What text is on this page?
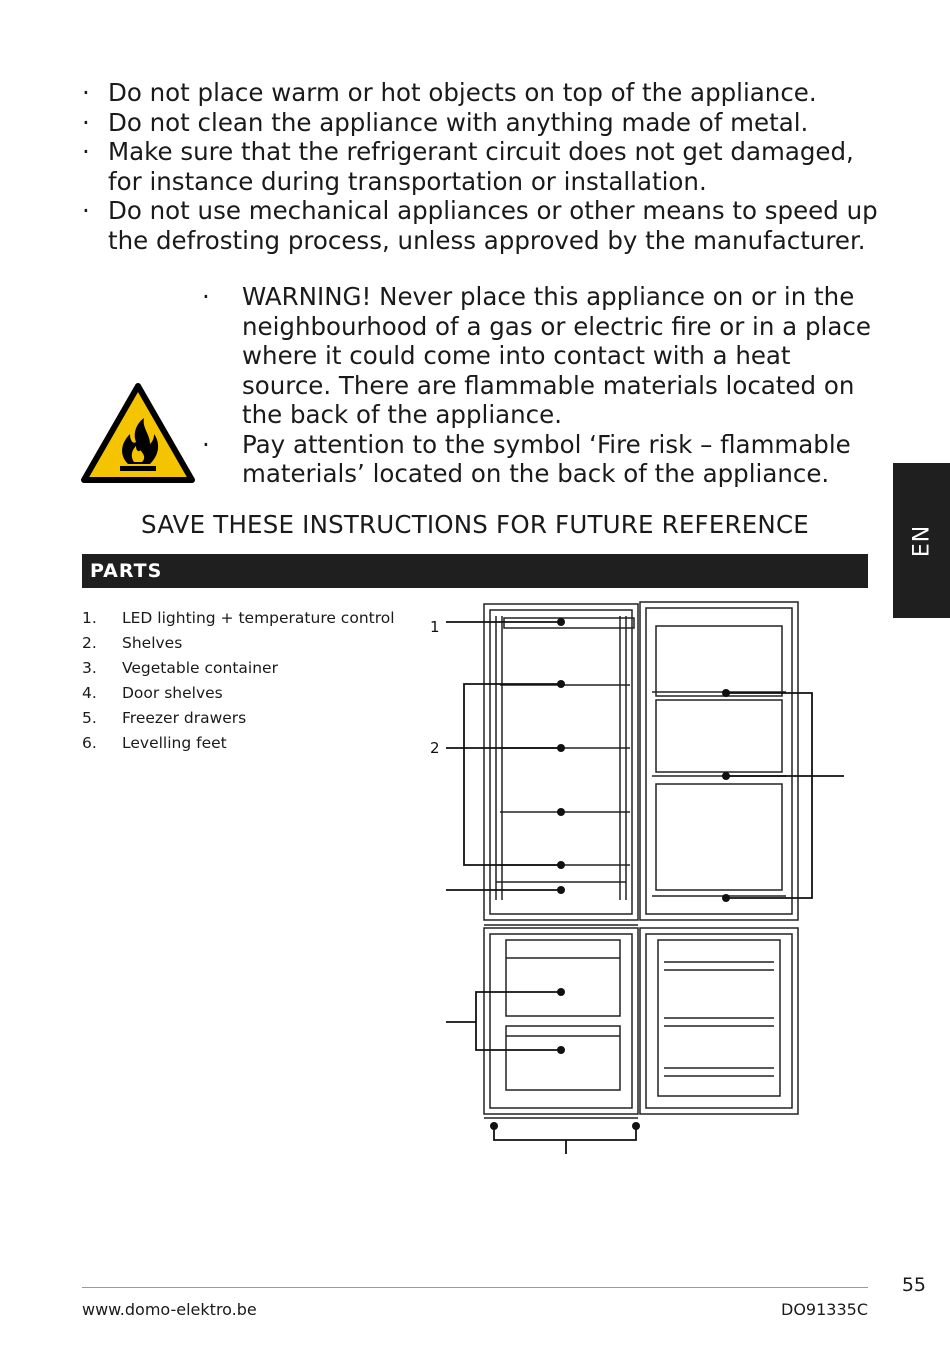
· Do not place warm or hot objects on top of the appliance.
· Do not clean the appliance with anything made of metal.
· Make sure that the refrigerant circuit does not get damaged, for instance during transportation or installation.
· Do not use mechanical appliances or other means to speed up the defrosting process, unless approved by the manufacturer.
· WARNING! Never place this appliance on or in the neighbourhood of a gas or electric fire or in a place where it could come into contact with a heat source. There are flammable materials located on the back of the appliance.
· Pay attention to the symbol ‘Fire risk – flammable materials’ located on the back of the appliance.
SAVE THESE INSTRUCTIONS FOR FUTURE REFERENCE
PARTS
1. LED lighting + temperature control
2. Shelves
3. Vegetable container
4. Door shelves
5. Freezer drawers
6. Levelling feet
EN
1
2
55
www.domo-elektro.be	DO91335C
